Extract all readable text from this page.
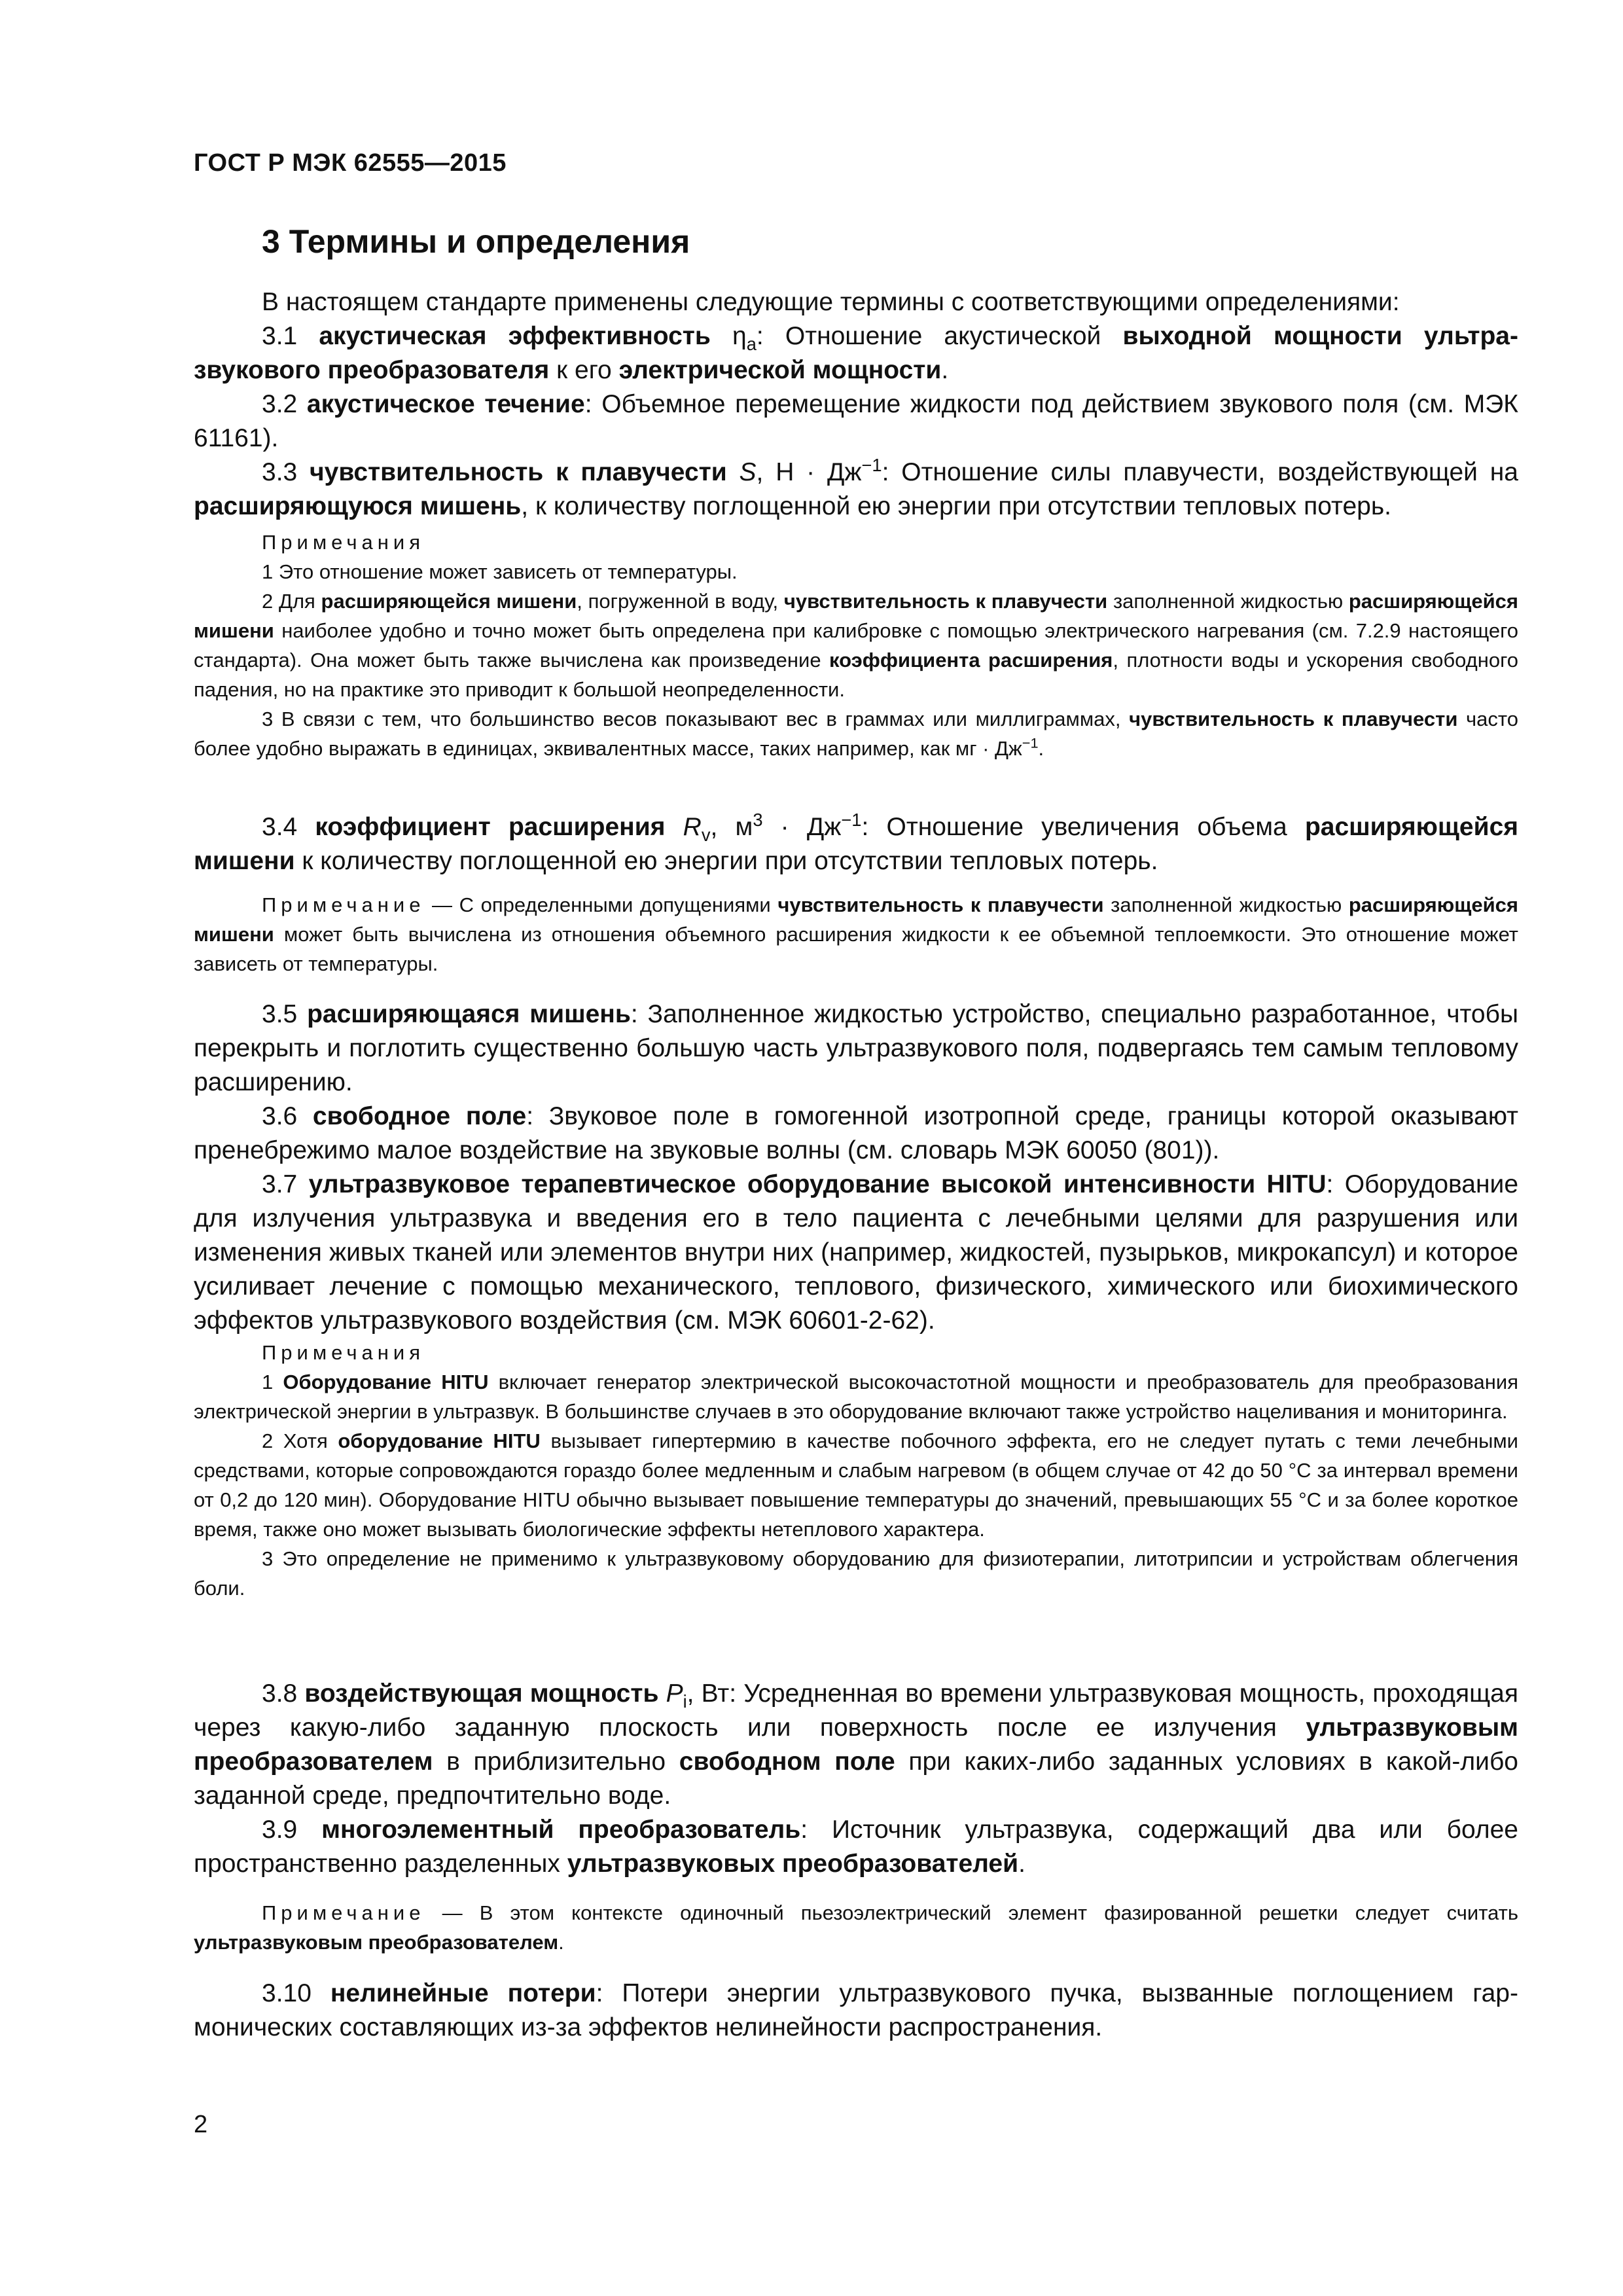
ГОСТ Р МЭК 62555—2015
3 Термины и определения

В настоящем стандарте применены следующие термины с соответствующими определениями:

3.1 акустическая эффективность $\eta_a$: Отношение акустической выходной мощности ультразвукового преобразователя к его электрической мощности.

3.2 акустическое течение: Объемное перемещение жидкости под действием звукового поля (см. МЭК 61161).

3.3 чувствительность к плавучести S, $Н \cdot Дж^{-1}$: Отношение силы плавучести, воздействующей на расширяющуюся мишень, к количеству поглощенной ею энергии при отсутствии тепловых потерь.

Примечания

1 Это отношение может зависеть от температуры.

2 Для расширяющейся мишени, погруженной в воду, чувствительность к плавучести заполненной жидкостью расширяющейся мишени наиболее удобно и точно может быть определена при калибровке с помощью электрического нагревания (см. 7.2.9 настоящего стандарта). Она может быть также вычислена как произведение коэффициента расширения, плотности воды и ускорения свободного падения, но на практике это приводит к большой неопределенности.

3 В связи с тем, что большинство весов показывают вес в граммах или миллиграммах, чувствительность к плавучести часто более удобно выражать в единицах, эквивалентных массе, таких например, как мг · $Дж^{-1}$.

3.4 коэффициент расширения $R_v$, $м^3 \cdot Дж^{-1}$: Отношение увеличения объема расширяющейся мишени к количеству поглощенной ею энергии при отсутствии тепловых потерь.

Примечание — С определенными допущениями чувствительность к плавучести заполненной жидкостью расширяющейся мишени может быть вычислена из отношения объемного расширения жидкости к ее объемной теплоемкости. Это отношение может зависеть от температуры.

3.5 расширяющаяся мишень: Заполненное жидкостью устройство, специально разработанное, чтобы перекрыть и поглотить существенно большую часть ультразвукового поля, подвергаясь тем самым тепловому расширению.

3.6 свободное поле: Звуковое поле в гомогенной изотропной среде, границы которой оказывают пренебрежимо малое воздействие на звуковые волны (см. словарь МЭК 60050 (801)).

3.7 ультразвуковое терапевтическое оборудование высокой интенсивности HITU: Оборудование для излучения ультразвука и введения его в тело пациента с лечебными целями для разрушения или изменения живых тканей или элементов внутри них (например, жидкостей, пузырьков, микрокапсул) и которое усиливает лечение с помощью механического, теплового, физического, химического или биохимического эффектов ультразвукового воздействия (см. МЭК 60601-2-62).

Примечания

1 Оборудование HITU включает генератор электрической высокочастотной мощности и преобразователь для преобразования электрической энергии в ультразвук. В большинстве случаев в это оборудование включают также устройство нацеливания и мониторинга.

2 Хотя оборудование HITU вызывает гипертермию в качестве побочного эффекта, его не следует путать с теми лечебными средствами, которые сопровождаются гораздо более медленным и слабым нагревом (в общем случае от 42 до 50 °С за интервал времени от 0,2 до 120 мин). Оборудование HITU обычно вызывает повышение температуры до значений, превышающих 55 °С и за более короткое время, также оно может вызывать биологические эффекты нетеплового характера.

3 Это определение не применимо к ультразвуковому оборудованию для физиотерапии, литотрипсии и устройствам облегчения боли.

3.8 воздействующая мощность $P_i$, Вт: Усредненная во времени ультразвуковая мощность, проходящая через какую-либо заданную плоскость или поверхность после ее излучения ультразвуковым преобразователем в приблизительно свободном поле при каких-либо заданных условиях в какой-либо заданной среде, предпочтительно воде.

3.9 многоэлементный преобразователь: Источник ультразвука, содержащий два или более пространственно разделенных ультразвуковых преобразователей.

Примечание — В этом контексте одиночный пьезоэлектрический элемент фазированной решетки следует считать ультразвуковым преобразователем.

3.10 нелинейные потери: Потери энергии ультразвукового пучка, вызванные поглощением гармонических составляющих из-за эффектов нелинейности распространения.

2
